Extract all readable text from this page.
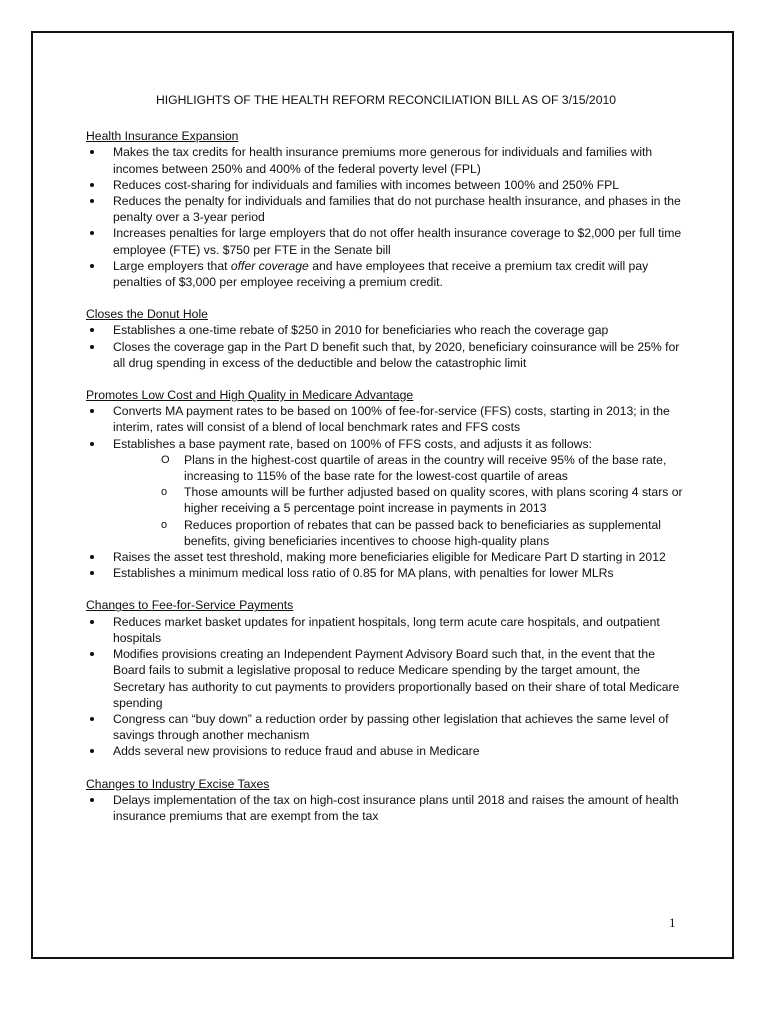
HIGHLIGHTS OF THE HEALTH REFORM RECONCILIATION BILL AS OF 3/15/2010
Health Insurance Expansion
Makes the tax credits for health insurance premiums more generous for individuals and families with incomes between 250% and 400% of the federal poverty level (FPL)
Reduces cost-sharing for individuals and families with incomes between 100% and 250% FPL
Reduces the penalty for individuals and families that do not purchase health insurance, and phases in the penalty over a 3-year period
Increases penalties for large employers that do not offer health insurance coverage to $2,000 per full time employee (FTE) vs. $750 per FTE in the Senate bill
Large employers that offer coverage and have employees that receive a premium tax credit will pay penalties of $3,000 per employee receiving a premium credit.
Closes the Donut Hole
Establishes a one-time rebate of $250 in 2010 for beneficiaries who reach the coverage gap
Closes the coverage gap in the Part D benefit such that, by 2020, beneficiary coinsurance will be 25% for all drug spending in excess of the deductible and below the catastrophic limit
Promotes Low Cost and High Quality in Medicare Advantage
Converts MA payment rates to be based on 100% of fee-for-service (FFS) costs, starting in 2013; in the interim, rates will consist of a blend of local benchmark rates and FFS costs
Establishes a base payment rate, based on 100% of FFS costs, and adjusts it as follows:
O Plans in the highest-cost quartile of areas in the country will receive 95% of the base rate, increasing to 115% of the base rate for the lowest-cost quartile of areas
o Those amounts will be further adjusted based on quality scores, with plans scoring 4 stars or higher receiving a 5 percentage point increase in payments in 2013
o Reduces proportion of rebates that can be passed back to beneficiaries as supplemental benefits, giving beneficiaries incentives to choose high-quality plans
Raises the asset test threshold, making more beneficiaries eligible for Medicare Part D starting in 2012
Establishes a minimum medical loss ratio of 0.85 for MA plans, with penalties for lower MLRs
Changes to Fee-for-Service Payments
Reduces market basket updates for inpatient hospitals, long term acute care hospitals, and outpatient hospitals
Modifies provisions creating an Independent Payment Advisory Board such that, in the event that the Board fails to submit a legislative proposal to reduce Medicare spending by the target amount, the Secretary has authority to cut payments to providers proportionally based on their share of total Medicare spending
Congress can “buy down” a reduction order by passing other legislation that achieves the same level of savings through another mechanism
Adds several new provisions to reduce fraud and abuse in Medicare
Changes to Industry Excise Taxes
Delays implementation of the tax on high-cost insurance plans until 2018 and raises the amount of health insurance premiums that are exempt from the tax
1
